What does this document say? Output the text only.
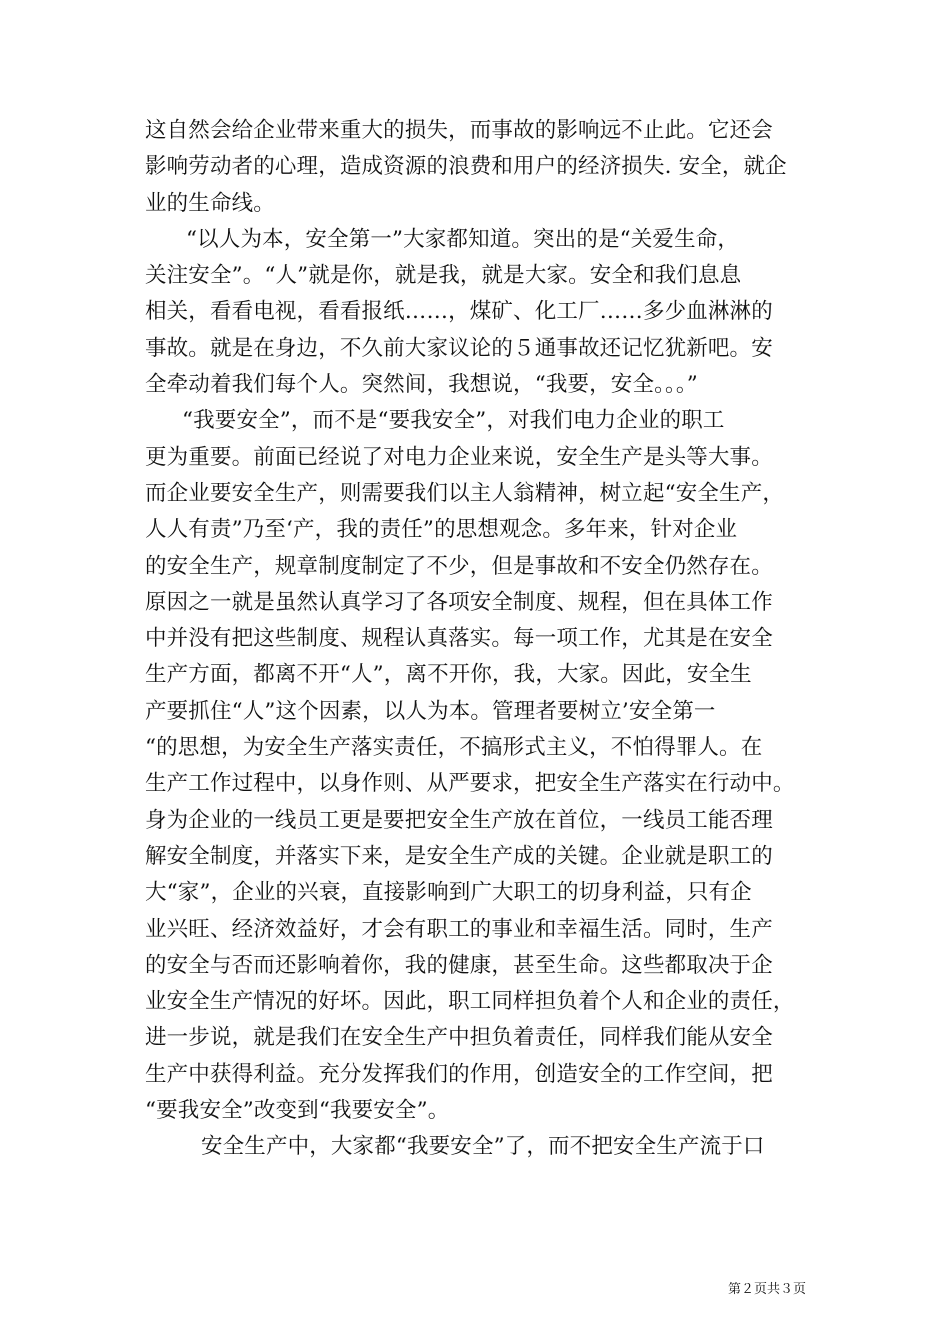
这自然会给企业带来重大的损失，而事故的影响远不止此。它还会
影响劳动者的心理，造成资源的浪费和用户的经济损失. 安全，就企
业的生命线。
“以人为本，安全第一”大家都知道。突出的是“关爱生命，
关注安全”。“人”就是你，就是我，就是大家。安全和我们息息
相关，看看电视，看看报纸……，煤矿、化工厂……多少血淋淋的
事故。就是在身边，不久前大家议论的５通事故还记忆犹新吧。安
全牵动着我们每个人。突然间，我想说，“我要，安全。。。”
“我要安全”，而不是“要我安全”，对我们电力企业的职工
更为重要。前面已经说了对电力企业来说，安全生产是头等大事。
而企业要安全生产，则需要我们以主人翁精神，树立起“安全生产，
人人有责”乃至‘产，我的责任”的思想观念。多年来，针对企业
的安全生产，规章制度制定了不少，但是事故和不安全仍然存在。
原因之一就是虽然认真学习了各项安全制度、规程，但在具体工作
中并没有把这些制度、规程认真落实。每一项工作，尤其是在安全
生产方面，都离不开“人”，离不开你，我，大家。因此，安全生
产要抓住“人”这个因素，以人为本。管理者要树立’安全第一
“的思想，为安全生产落实责任，不搞形式主义，不怕得罪人。在
生产工作过程中，以身作则、从严要求，把安全生产落实在行动中。
身为企业的一线员工更是要把安全生产放在首位，一线员工能否理
解安全制度，并落实下来，是安全生产成的关键。企业就是职工的
大“家”，企业的兴衰，直接影响到广大职工的切身利益，只有企
业兴旺、经济效益好，才会有职工的事业和幸福生活。同时，生产
的安全与否而还影响着你，我的健康，甚至生命。这些都取决于企
业安全生产情况的好坏。因此，职工同样担负着个人和企业的责任，
进一步说，就是我们在安全生产中担负着责任，同样我们能从安全
生产中获得利益。充分发挥我们的作用，创造安全的工作空间，把
“要我安全”改变到“我要安全”。
安全生产中，大家都“我要安全”了，而不把安全生产流于口
第２页共３页
